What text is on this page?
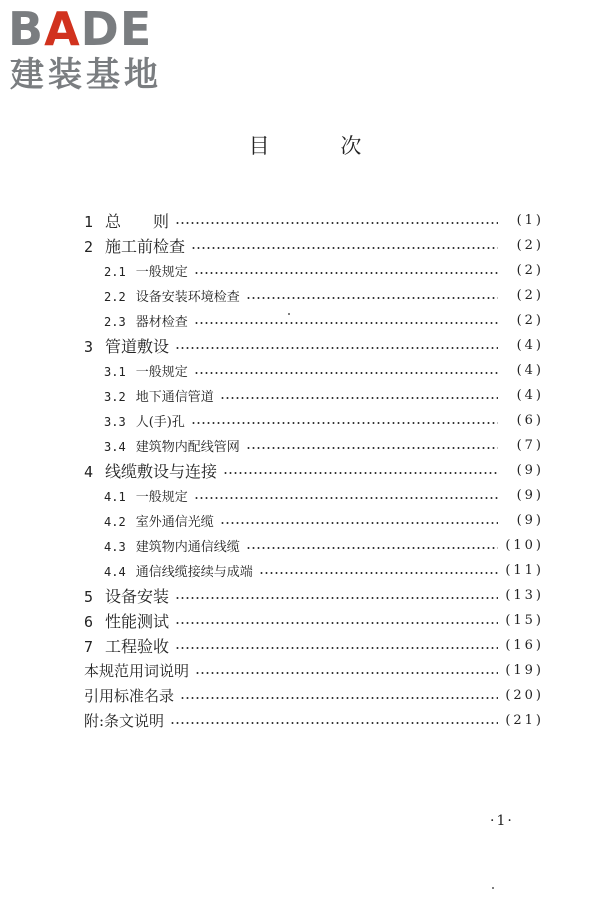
BADE
建装基地
目 次
1 总　　则	(1)
2 施工前检查	(2)
2.1 一般规定	(2)
2.2 设备安装环境检查	(2)
2.3 器材检查	(2)
3 管道敷设	(4)
3.1 一般规定	(4)
3.2 地下通信管道	(4)
3.3 人(手)孔	(6)
3.4 建筑物内配线管网	(7)
4 线缆敷设与连接	(9)
4.1 一般规定	(9)
4.2 室外通信光缆	(9)
4.3 建筑物内通信线缆	(10)
4.4 通信线缆接续与成端	(11)
5 设备安装	(13)
6 性能测试	(15)
7 工程验收	(16)
本规范用词说明	(19)
引用标准名录	(20)
附:条文说明	(21)
·1·
